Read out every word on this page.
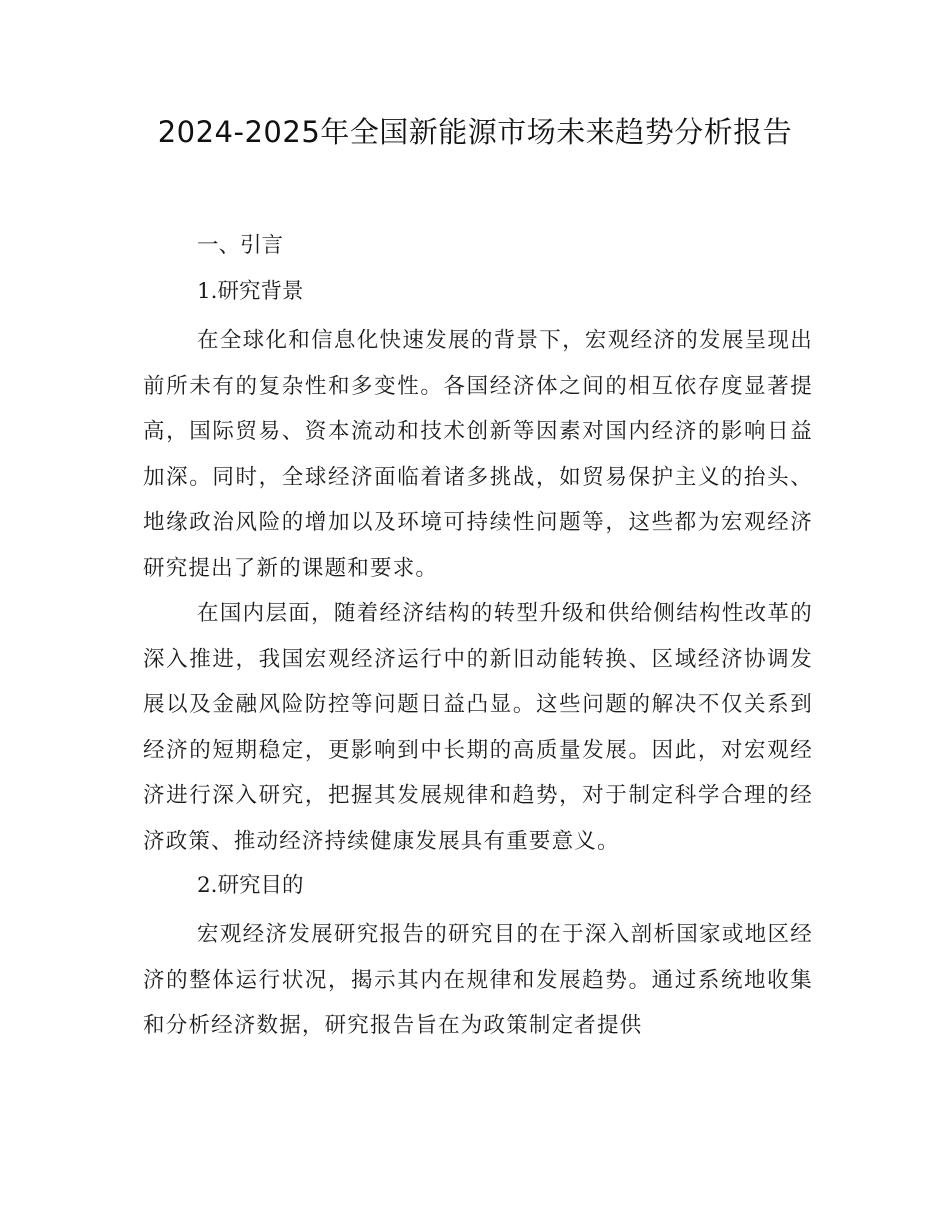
2024-2025年全国新能源市场未来趋势分析报告

一、引言

1.研究背景

在全球化和信息化快速发展的背景下，宏观经济的发展呈现出前所未有的复杂性和多变性。各国经济体之间的相互依存度显著提高，国际贸易、资本流动和技术创新等因素对国内经济的影响日益加深。同时，全球经济面临着诸多挑战，如贸易保护主义的抬头、地缘政治风险的增加以及环境可持续性问题等，这些都为宏观经济研究提出了新的课题和要求。

在国内层面，随着经济结构的转型升级和供给侧结构性改革的深入推进，我国宏观经济运行中的新旧动能转换、区域经济协调发展以及金融风险防控等问题日益凸显。这些问题的解决不仅关系到经济的短期稳定，更影响到中长期的高质量发展。因此，对宏观经济进行深入研究，把握其发展规律和趋势，对于制定科学合理的经济政策、推动经济持续健康发展具有重要意义。

2.研究目的

宏观经济发展研究报告的研究目的在于深入剖析国家或地区经济的整体运行状况，揭示其内在规律和发展趋势。通过系统地收集和分析经济数据，研究报告旨在为政策制定者提供
